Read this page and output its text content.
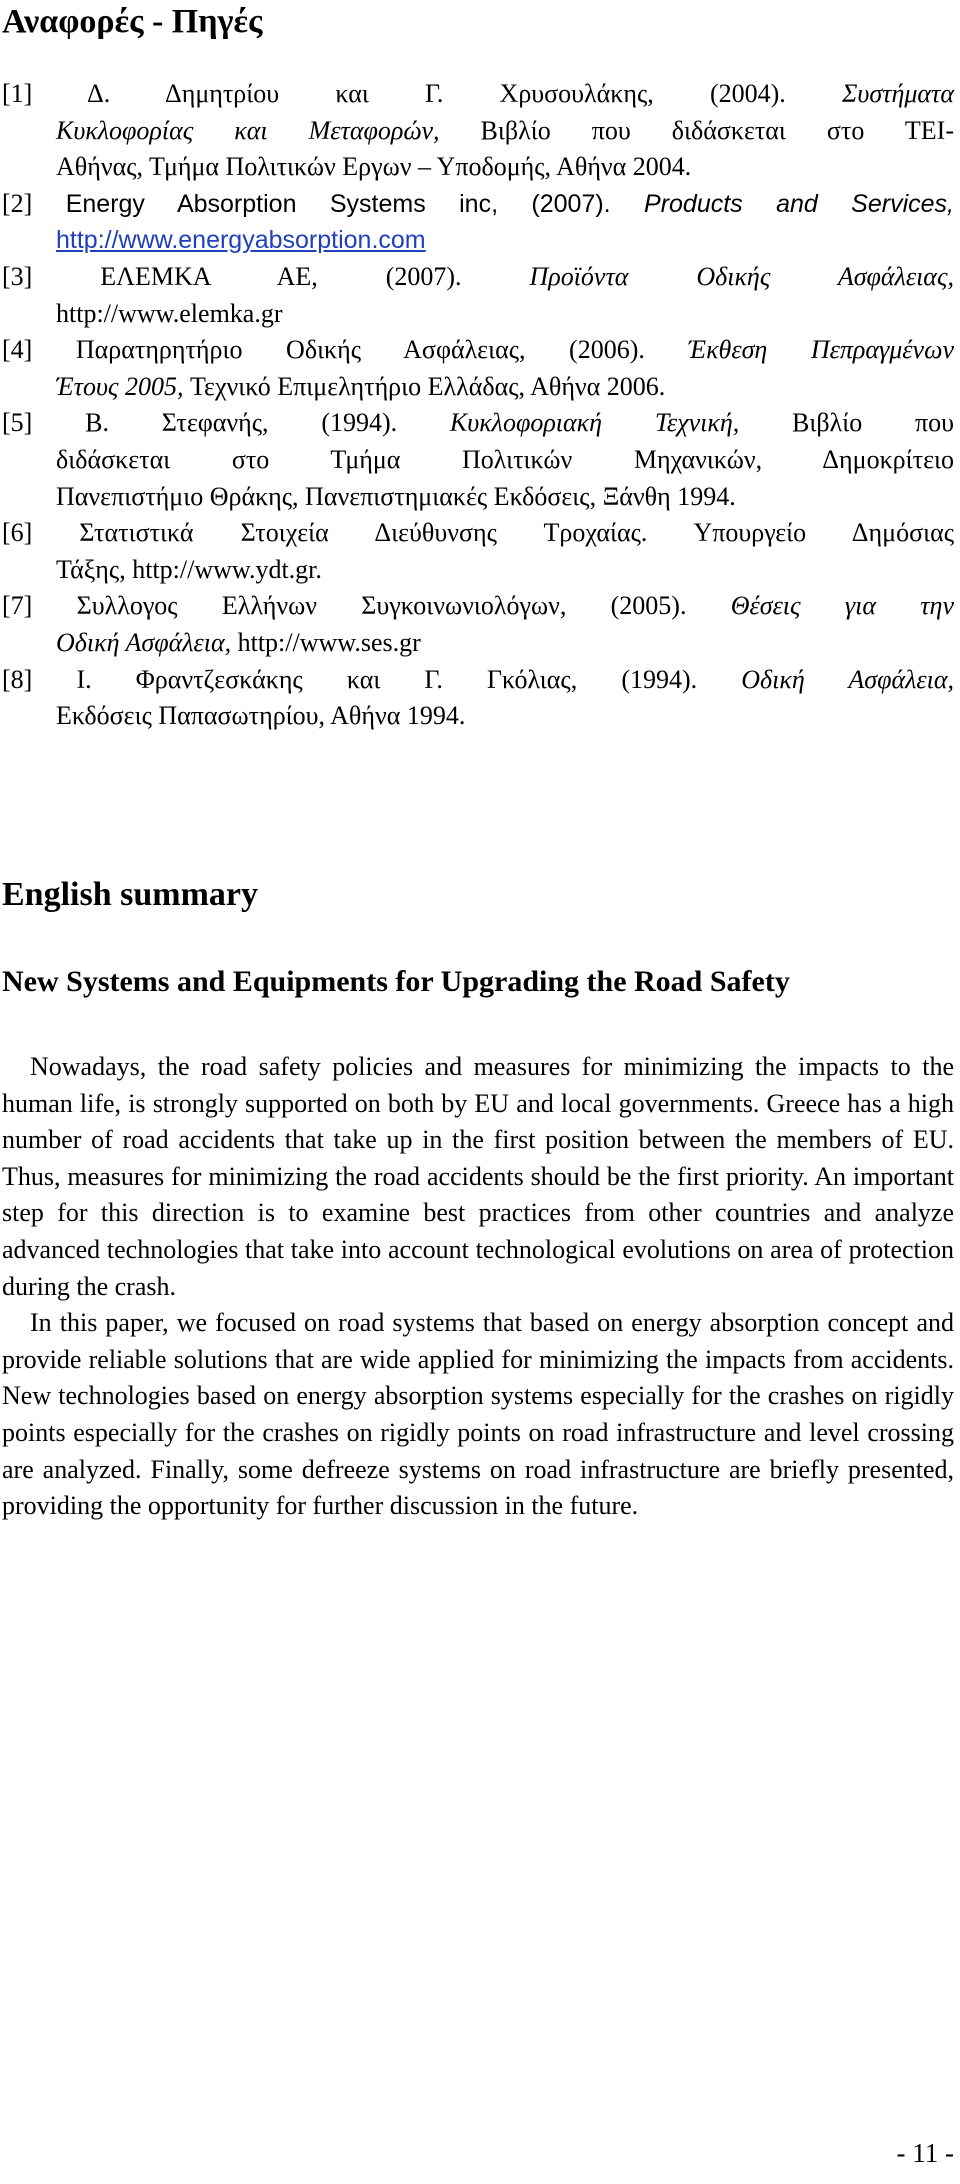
Αναφορές - Πηγές
[1] Δ. Δημητρίου και Γ. Χρυσουλάκης, (2004). Συστήματα
Κυκλοφορίας και Μεταφορών, Βιβλίο που διδάσκεται στο ΤΕΙ-
Αθήνας, Τμήμα Πολιτικών Εργων – Υποδομής, Αθήνα 2004.
[2] Energy Absorption Systems inc, (2007). Products and Services,
http://www.energyabsorption.com
[3] ΕΛΕΜΚΑ ΑΕ, (2007). Προϊόντα Οδικής Ασφάλειας,
http://www.elemka.gr
[4] Παρατηρητήριο Οδικής Ασφάλειας, (2006). Έκθεση Πεπραγμένων
Έτους 2005, Τεχνικό Επιμελητήριο Ελλάδας, Αθήνα 2006.
[5] Β. Στεφανής, (1994). Κυκλοφοριακή Τεχνική, Βιβλίο που
διδάσκεται στο Τμήμα Πολιτικών Μηχανικών, Δημοκρίτειο
Πανεπιστήμιο Θράκης, Πανεπιστημιακές Εκδόσεις, Ξάνθη 1994.
[6] Στατιστικά Στοιχεία Διεύθυνσης Τροχαίας. Υπουργείο Δημόσιας
Τάξης, http://www.ydt.gr.
[7] Συλλογος Ελλήνων Συγκοινωνιολόγων, (2005). Θέσεις για την
Οδική Ασφάλεια, http://www.ses.gr
[8] Ι. Φραντζεσκάκης και Γ. Γκόλιας, (1994). Οδική Ασφάλεια,
Εκδόσεις Παπασωτηρίου, Αθήνα 1994.
English summary
New Systems and Equipments for Upgrading the Road Safety

Nowadays, the road safety policies and measures for minimizing the impacts to the human life, is strongly supported on both by EU and local governments. Greece has a high number of road accidents that take up in the first position between the members of EU. Thus, measures for minimizing the road accidents should be the first priority. An important step for this direction is to examine best practices from other countries and analyze advanced technologies that take into account technological evolutions on area of protection during the crash.

In this paper, we focused on road systems that based on energy absorption concept and provide reliable solutions that are wide applied for minimizing the impacts from accidents. New technologies based on energy absorption systems especially for the crashes on rigidly points especially for the crashes on rigidly points on road infrastructure and level crossing are analyzed. Finally, some defreeze systems on road infrastructure are briefly presented, providing the opportunity for further discussion in the future.

- 11 -
